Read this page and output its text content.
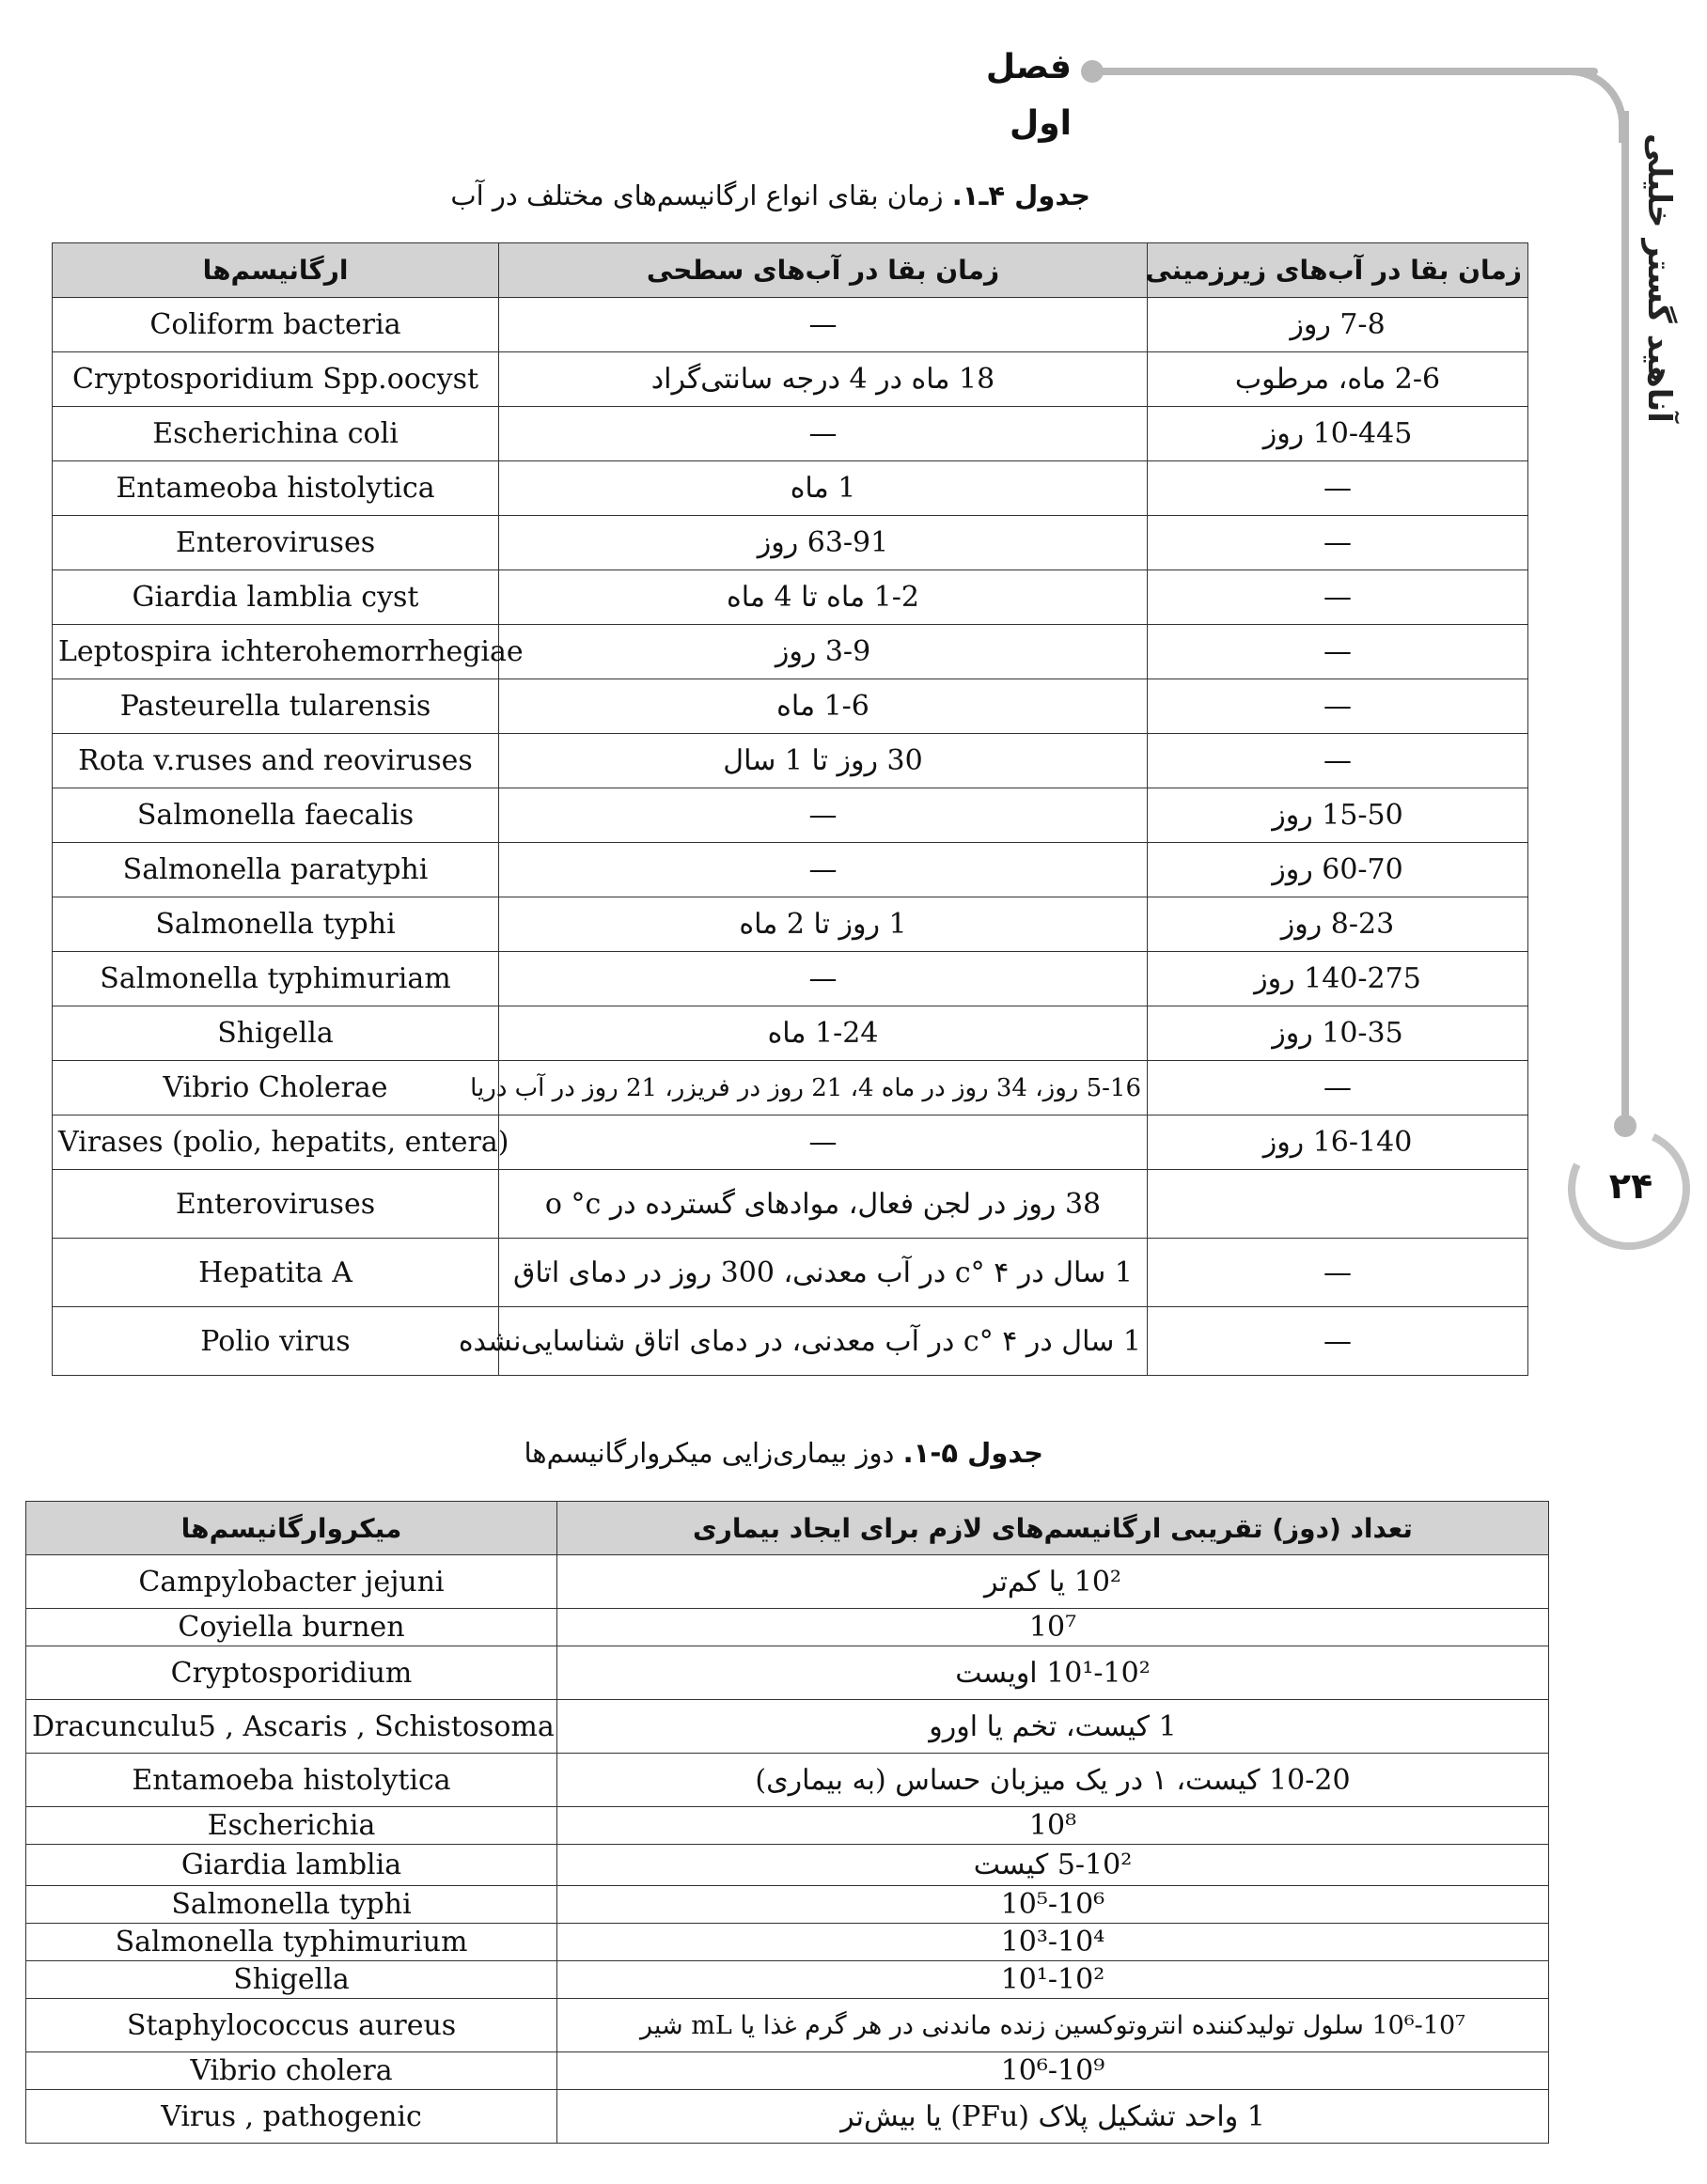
فصل اول
آناهید گستر خلیلی
۲۴
جدول ۴ـ۱. زمان بقای انواع ارگانیسم‌های مختلف در آب
ارگانیسم‌ها	زمان بقا در آب‌های سطحی	زمان بقا در آب‌های زیرزمینی
Coliform bacteria	—	7-8 روز
Cryptosporidium Spp.oocyst	18 ماه در 4 درجه سانتی‌گراد	2-6 ماه، مرطوب
Escherichina coli	—	10-445 روز
Entameoba histolytica	1 ماه	—
Enteroviruses	63-91 روز	—
Giardia lamblia cyst	1-2 ماه تا 4 ماه	—
Leptospira ichterohemorrhegiae	3-9 روز	—
Pasteurella tularensis	1-6 ماه	—
Rota v.ruses and reoviruses	30 روز تا 1 سال	—
Salmonella faecalis	—	15-50 روز
Salmonella paratyphi	—	60-70 روز
Salmonella typhi	1 روز تا 2 ماه	8-23 روز
Salmonella typhimuriam	—	140-275 روز
Shigella	1-24 ماه	10-35 روز
Vibrio Cholerae	5-16 روز، 34 روز در ماه 4، 21 روز در فریزر، 21 روز در آب دریا	—
Virases (polio, hepatits, entera)	—	16-140 روز
Enteroviruses	38 روز در لجن فعال، موادهای گسترده در o °c	
Hepatita A	1 سال در ۴ °c در آب معدنی، 300 روز در دمای اتاق	—
Polio virus	1 سال در ۴ °c در آب معدنی، در دمای اتاق شناسایی‌نشده	—
جدول ۵-۱. دوز بیماری‌زایی میکروارگانیسم‌ها
میکروارگانیسم‌ها	تعداد (دوز) تقریبی ارگانیسم‌های لازم برای ایجاد بیماری
Campylobacter jejuni	10² یا کم‌تر
Coyiella burnen	10⁷
Cryptosporidium	10¹-10² اویست
Dracunculu5 , Ascaris , Schistosoma	1 کیست، تخم یا اورو
Entamoeba histolytica	10-20 کیست، ۱ در یک میزبان حساس (به بیماری)
Escherichia	10⁸
Giardia lamblia	5-10² کیست
Salmonella typhi	10⁵-10⁶
Salmonella typhimurium	10³-10⁴
Shigella	10¹-10²
Staphylococcus aureus	10⁶-10⁷ سلول تولیدکننده انتروتوکسین زنده ماندنی در هر گرم غذا یا mL شیر
Vibrio cholera	10⁶-10⁹
Virus , pathogenic	1 واحد تشکیل پلاک (PFu) یا بیش‌تر
